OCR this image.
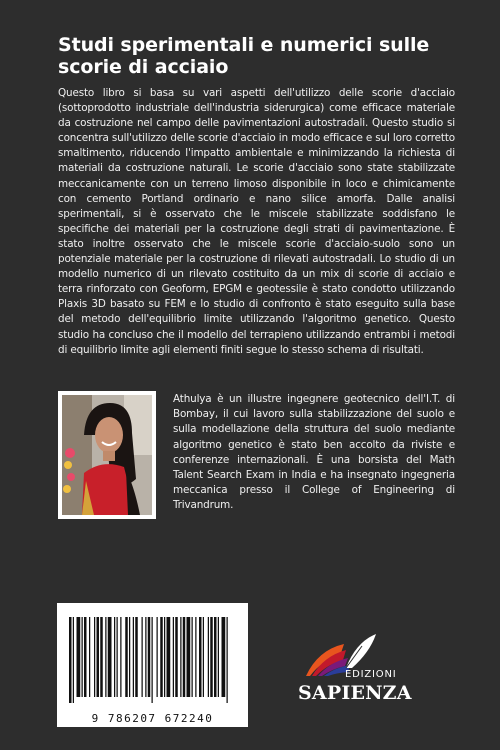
Studi sperimentali e numerici sulle scorie di acciaio

Questo libro si basa su vari aspetti dell'utilizzo delle scorie d'acciaio (sottoprodotto industriale dell'industria siderurgica) come efficace materiale da costruzione nel campo delle pavimentazioni autostradali. Questo studio si concentra sull'utilizzo delle scorie d'acciaio in modo efficace e sul loro corretto smaltimento, riducendo l'impatto ambientale e minimizzando la richiesta di materiali da costruzione naturali. Le scorie d'acciaio sono state stabilizzate meccanicamente con un terreno limoso disponibile in loco e chimicamente con cemento Portland ordinario e nano silice amorfa. Dalle analisi sperimentali, si è osservato che le miscele stabilizzate soddisfano le specifiche dei materiali per la costruzione degli strati di pavimentazione. È stato inoltre osservato che le miscele scorie d'acciaio-suolo sono un potenziale materiale per la costruzione di rilevati autostradali. Lo studio di un modello numerico di un rilevato costituito da un mix di scorie di acciaio e terra rinforzato con Geoform, EPGM e geotessile è stato condotto utilizzando Plaxis 3D basato su FEM e lo studio di confronto è stato eseguito sulla base del metodo dell'equilibrio limite utilizzando l'algoritmo genetico. Questo studio ha concluso che il modello del terrapieno utilizzando entrambi i metodi di equilibrio limite agli elementi finiti segue lo stesso schema di risultati.

Athulya è un illustre ingegnere geotecnico dell'I.T. di Bombay, il cui lavoro sulla stabilizzazione del suolo e sulla modellazione della struttura del suolo mediante algoritmo genetico è stato ben accolto da riviste e conferenze internazionali. È una borsista del Math Talent Search Exam in India e ha insegnato ingegneria meccanica presso il College of Engineering di Trivandrum.

9 786207 672240
EDIZIONI
SAPIENZA
